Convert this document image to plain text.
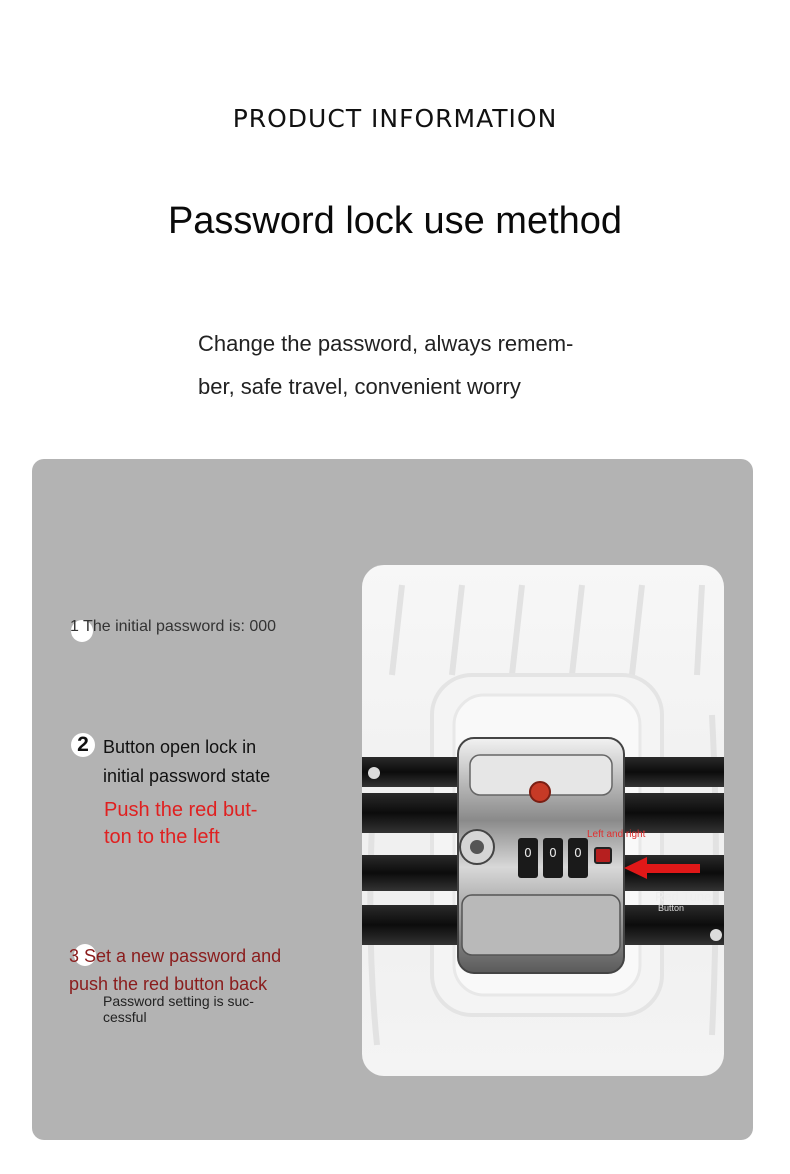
PRODUCT INFORMATION
Password lock use method
Change the password, always remem-
ber, safe travel, convenient worry
1 The initial password is: 000
2 Button open lock in
initial password state
Push the red but-
ton to the left
3 Set a new password and
push the red button back
Password setting is suc-
cessful
0 0 0
Left and right
Red Tune
Button
